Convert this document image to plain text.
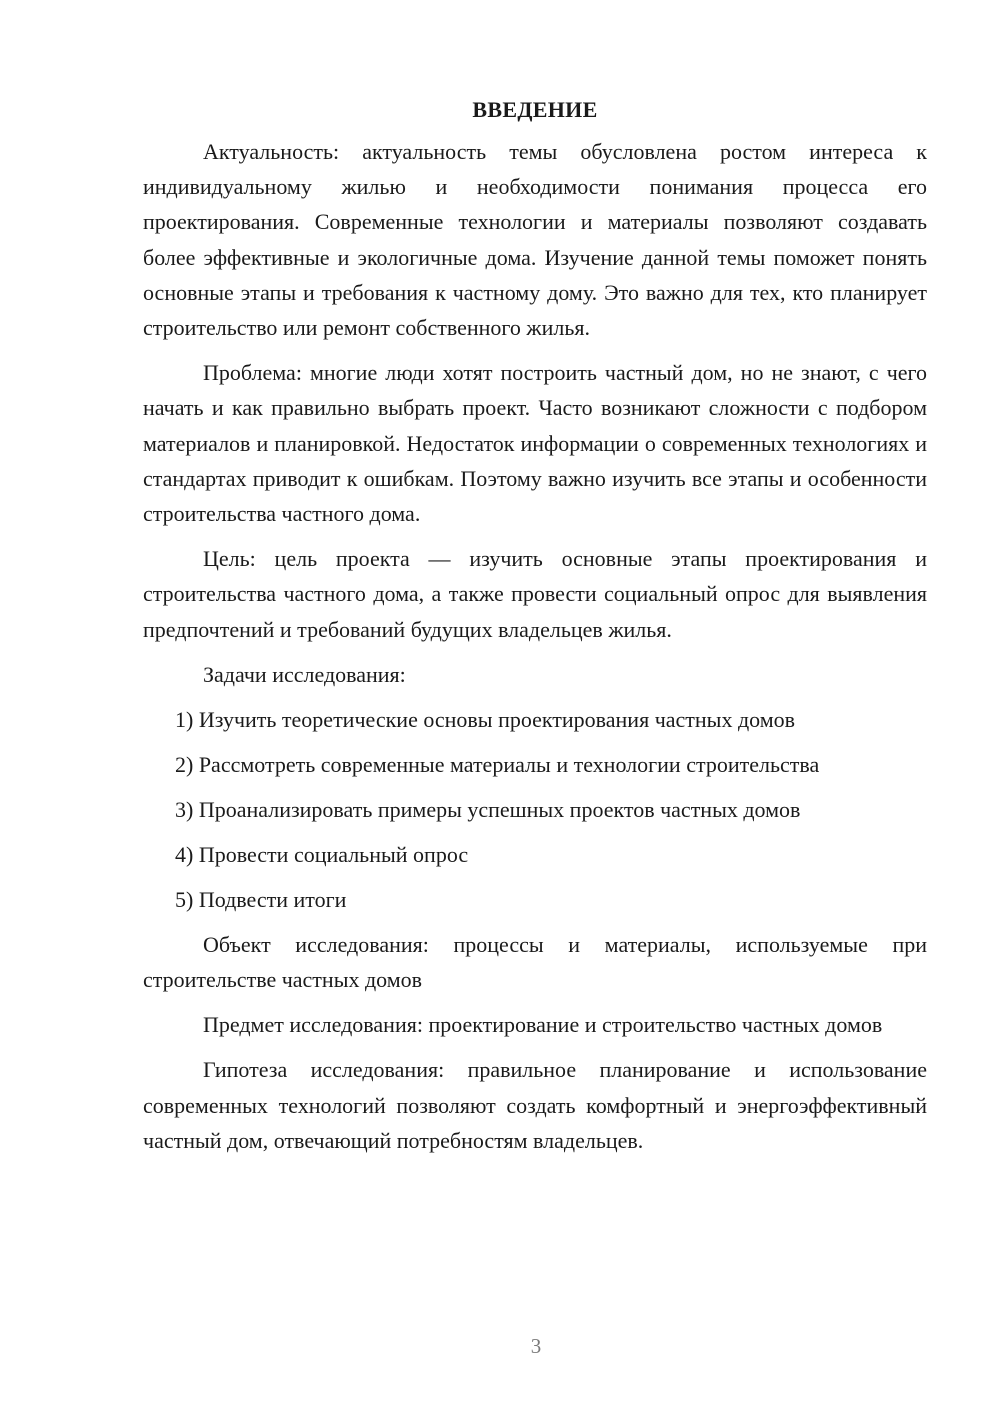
ВВЕДЕНИЕ

Актуальность: актуальность темы обусловлена ростом интереса к индивидуальному жилью и необходимости понимания процесса его проектирования. Современные технологии и материалы позволяют создавать более эффективные и экологичные дома. Изучение данной темы поможет понять основные этапы и требования к частному дому. Это важно для тех, кто планирует строительство или ремонт собственного жилья.

Проблема: многие люди хотят построить частный дом, но не знают, с чего начать и как правильно выбрать проект. Часто возникают сложности с подбором материалов и планировкой. Недостаток информации о современных технологиях и стандартах приводит к ошибкам. Поэтому важно изучить все этапы и особенности строительства частного дома.

Цель: цель проекта — изучить основные этапы проектирования и строительства частного дома, а также провести социальный опрос для выявления предпочтений и требований будущих владельцев жилья.

Задачи исследования:

1) Изучить теоретические основы проектирования частных домов
2) Рассмотреть современные материалы и технологии строительства
3) Проанализировать примеры успешных проектов частных домов
4) Провести социальный опрос
5) Подвести итоги

Объект исследования: процессы и материалы, используемые при строительстве частных домов

Предмет исследования: проектирование и строительство частных домов

Гипотеза исследования: правильное планирование и использование современных технологий позволяют создать комфортный и энергоэффективный частный дом, отвечающий потребностям владельцев.

3
